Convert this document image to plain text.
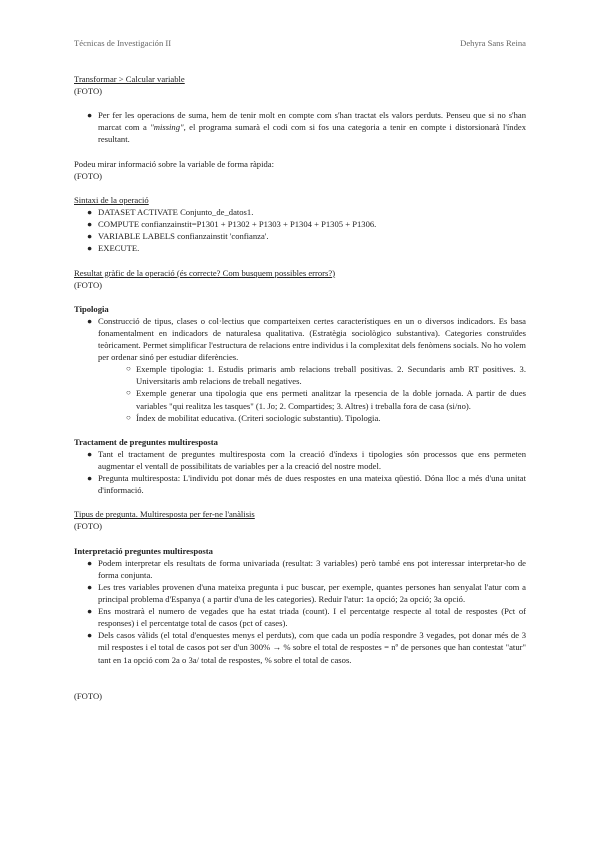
Técnicas de Investigación II	Dehyra Sans Reina

Transformar > Calcular variable

(FOTO)

● Per fer les operacions de suma, hem de tenir molt en compte com s'han tractat els valors perduts. Penseu que si no s'han marcat com a "missing", el programa sumarà el codi com si fos una categoria a tenir en compte i distorsionarà l'índex resultant.

Podeu mirar informació sobre la variable de forma ràpida:

(FOTO)

Sintaxi de la operació

● DATASET ACTIVATE Conjunto_de_datos1.
● COMPUTE confianzainstit=P1301 + P1302 + P1303 + P1304 + P1305 + P1306.
● VARIABLE LABELS confianzainstit 'confianza'.
● EXECUTE.

Resultat gràfic de la operació (és correcte? Com busquem possibles errors?)

(FOTO)

Tipologia

● Construcció de tipus, clases o col·lectius que comparteixen certes característiques en un o diversos indicadors. Es basa fonamentalment en indicadors de naturalesa qualitativa. (Estratègia sociològico substantiva). Categories construïdes teòricament. Permet simplificar l'estructura de relacions entre individus i la complexitat dels fenòmens socials. No ho volem per ordenar sinó per estudiar diferències.
○ Exemple tipologia: 1. Estudis primaris amb relacions treball positivas. 2. Secundaris amb RT positives. 3. Universitaris amb relacions de treball negatives.
○ Exemple generar una tipologia que ens permeti analitzar la rpesencia de la doble jornada. A partir de dues variables "qui realitza les tasques" (1. Jo; 2. Compartides; 3. Altres) i treballa fora de casa (si/no).
○ Índex de mobilitat educativa. (Criteri sociologic substantiu). Tipologia.

Tractament de preguntes multiresposta

● Tant el tractament de preguntes multiresposta com la creació d'índexs i tipologies són processos que ens permeten augmentar el ventall de possibilitats de variables per a la creació del nostre model.
● Pregunta multiresposta: L'individu pot donar més de dues respostes en una mateixa qüestió. Dóna lloc a més d'una unitat d'informació.

Tipus de pregunta. Multiresposta per fer-ne l'anàlisis

(FOTO)

Interpretació preguntes multiresposta

● Podem interpretar els resultats de forma univariada (resultat: 3 variables) però també ens pot interessar interpretar-ho de forma conjunta.
● Les tres variables provenen d'una mateixa pregunta i puc buscar, per exemple, quantes persones han senyalat l'atur com a principal problema d'Espanya ( a partir d'una de les categories). Reduir l'atur: 1a opció; 2a opció; 3a opció.
● Ens mostrarà el numero de vegades que ha estat triada (count). I el percentatge respecte al total de respostes (Pct of responses) i el percentatge total de casos (pct of cases).
● Dels casos vàlids (el total d'enquestes menys el perduts), com que cada un podía respondre 3 vegades, pot donar més de 3 mil respostes i el total de casos pot ser d'un 300% → % sobre el total de respostes = nº de persones que han contestat "atur" tant en 1a opció com 2a o 3a/ total de respostes, % sobre el total de casos.

(FOTO)
